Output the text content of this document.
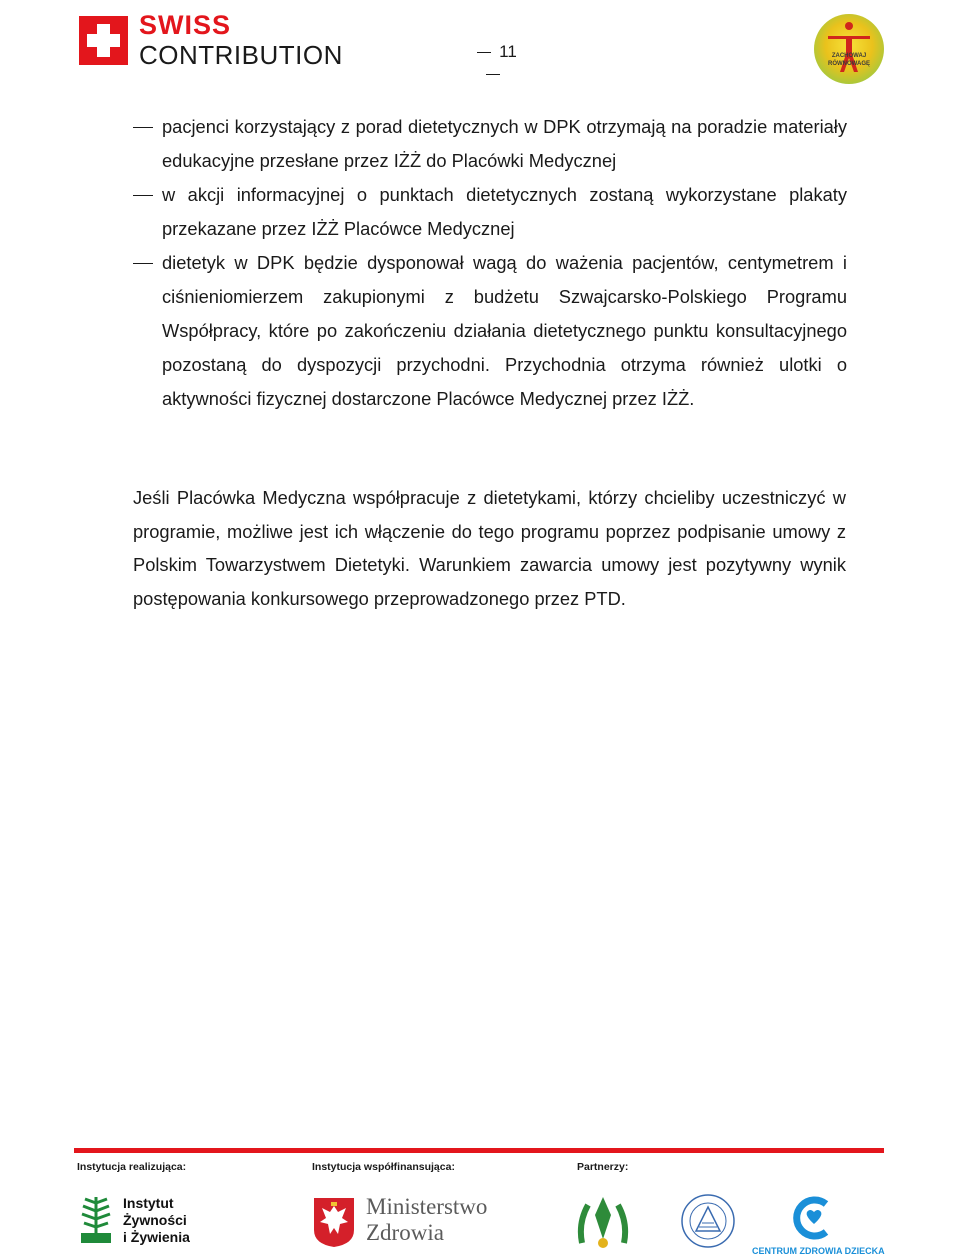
SWISS
CONTRIBUTION	11	ZACHOWAJ RÓWNOWAGĘ
pacjenci korzystający z porad dietetycznych w DPK otrzymają na poradzie materiały edukacyjne przesłane przez IŻŻ do Placówki Medycznej
w akcji informacyjnej o punktach dietetycznych zostaną wykorzystane plakaty przekazane przez IŻŻ Placówce Medycznej
dietetyk w DPK będzie dysponował wagą do ważenia pacjentów, centymetrem i ciśnieniomierzem zakupionymi z budżetu Szwajcarsko-Polskiego Programu Współpracy, które po zakończeniu działania dietetycznego punktu konsultacyjnego pozostaną do dyspozycji przychodni. Przychodnia otrzyma również ulotki o aktywności fizycznej dostarczone Placówce Medycznej przez IŻŻ.
Jeśli Placówka Medyczna współpracuje z dietetykami, którzy chcieliby uczestniczyć w programie, możliwe jest ich włączenie do tego programu poprzez podpisanie umowy z Polskim Towarzystwem Dietetyki. Warunkiem zawarcia umowy jest pozytywny wynik postępowania konkursowego przeprowadzonego przez PTD.
Instytucja realizująca:	Instytucja współfinansująca:	Partnerzy:
Instytut
Żywności
i Żywienia
Ministerstwo
Zdrowia
CENTRUM ZDROWIA DZIECKA
